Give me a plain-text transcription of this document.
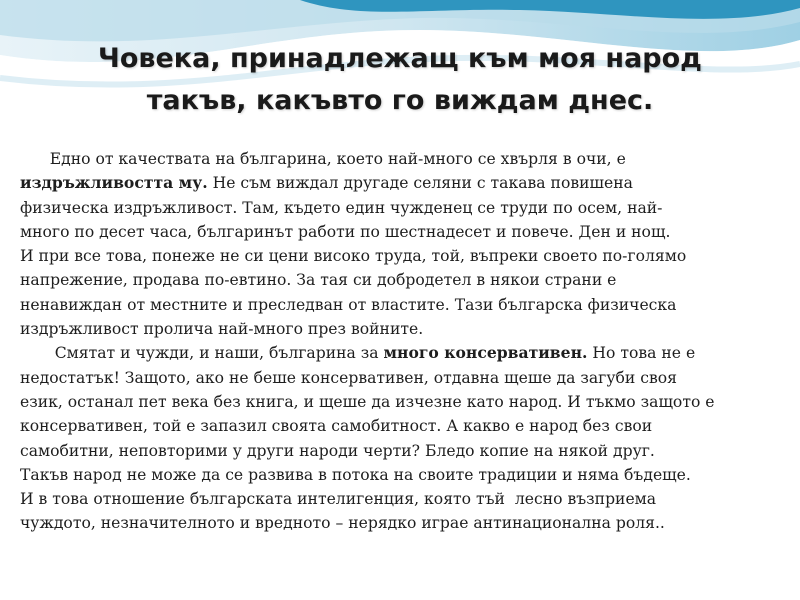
Човека, принадлежащ към моя народ
такъв, какъвто го виждам днес.
Едно от качествата на българина, което най-много се хвърля в очи, е
издръжливостта му. Не съм виждал другаде селяни с такава повишена
физическа издръжливост. Там, където един чужденец се труди по осем, най-
много по десет часа, българинът работи по шестнадесет и повече. Ден и нощ.
И при все това, понеже не си цени високо труда, той, въпреки своето по-голямо
напрежение, продава по-евтино. За тая си добродетел в някои страни е
ненавиждан от местните и преследван от властите. Тази българска физическа
издръжливост пролича най-много през войните.
Смятат и чужди, и наши, българина за много консервативен. Но това не е
недостатък! Защото, ако не беше консервативен, отдавна щеше да загуби своя
език, останал пет века без книга, и щеше да изчезне като народ. И тъкмо защото е
консервативен, той е запазил своята самобитност. А какво е народ без свои
самобитни, неповторими у други народи черти? Бледо копие на някой друг.
Такъв народ не може да се развива в потока на своите традиции и няма бъдеще.
И в това отношение българската интелигенция, която тъй  лесно възприема
чуждото, незначителното и вредното – нерядко играе антинационална роля..
